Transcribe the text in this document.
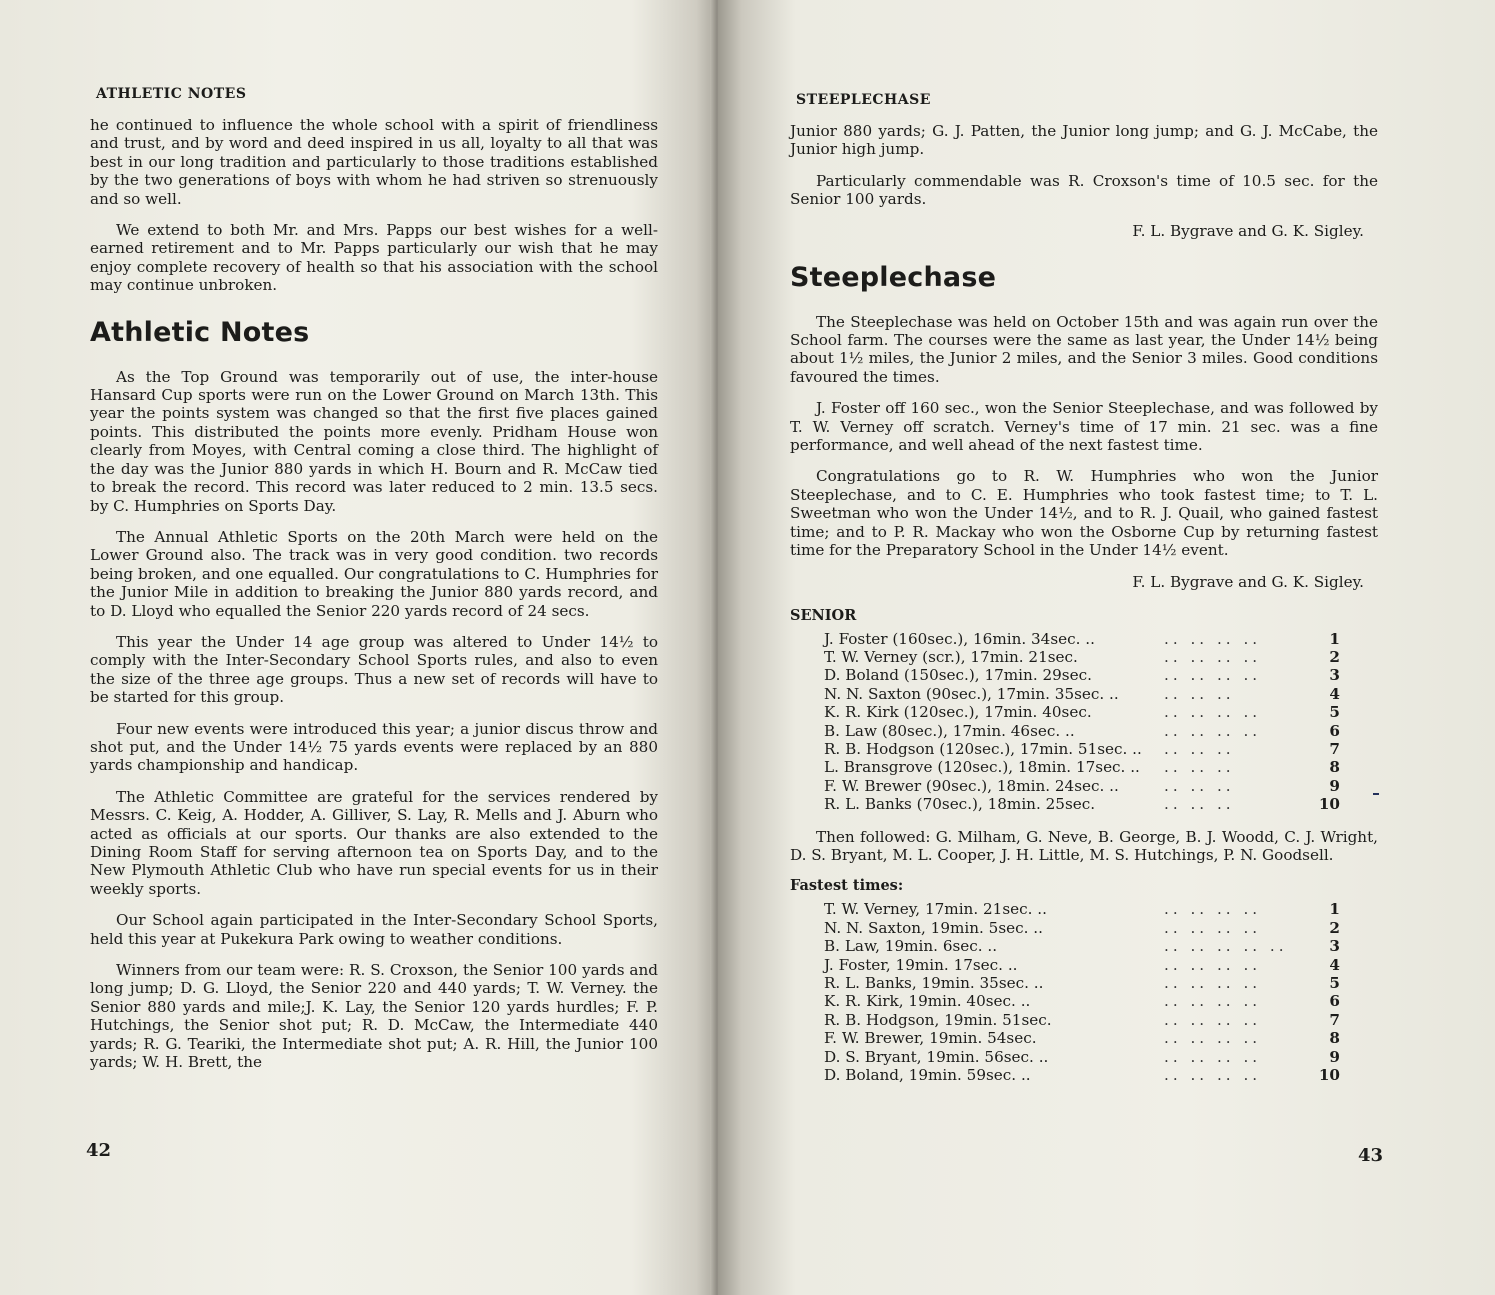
ATHLETIC NOTES

he continued to influence the whole school with a spirit of friendliness and trust, and by word and deed inspired in us all, loyalty to all that was best in our long tradition and particularly to those traditions established by the two generations of boys with whom he had striven so strenuously and so well.

We extend to both Mr. and Mrs. Papps our best wishes for a well-earned retirement and to Mr. Papps particularly our wish that he may enjoy complete recovery of health so that his association with the school may continue unbroken.

Athletic Notes

As the Top Ground was temporarily out of use, the inter-house Hansard Cup sports were run on the Lower Ground on March 13th. This year the points system was changed so that the first five places gained points. This distributed the points more evenly. Pridham House won clearly from Moyes, with Central coming a close third. The highlight of the day was the Junior 880 yards in which H. Bourn and R. McCaw tied to break the record. This record was later reduced to 2 min. 13.5 secs. by C. Humphries on Sports Day.

The Annual Athletic Sports on the 20th March were held on the Lower Ground also. The track was in very good condition. two records being broken, and one equalled. Our congratulations to C. Humphries for the Junior Mile in addition to breaking the Junior 880 yards record, and to D. Lloyd who equalled the Senior 220 yards record of 24 secs.

This year the Under 14 age group was altered to Under 14½ to comply with the Inter-Secondary School Sports rules, and also to even the size of the three age groups. Thus a new set of records will have to be started for this group.

Four new events were introduced this year; a junior discus throw and shot put, and the Under 14½ 75 yards events were replaced by an 880 yards championship and handicap.

The Athletic Committee are grateful for the services rendered by Messrs. C. Keig, A. Hodder, A. Gilliver, S. Lay, R. Mells and J. Aburn who acted as officials at our sports. Our thanks are also extended to the Dining Room Staff for serving afternoon tea on Sports Day, and to the New Plymouth Athletic Club who have run special events for us in their weekly sports.

Our School again participated in the Inter-Secondary School Sports, held this year at Pukekura Park owing to weather conditions.

Winners from our team were: R. S. Croxson, the Senior 100 yards and long jump; D. G. Lloyd, the Senior 220 and 440 yards; T. W. Verney. the Senior 880 yards and mile;J. K. Lay, the Senior 120 yards hurdles; F. P. Hutchings, the Senior shot put; R. D. McCaw, the Intermediate 440 yards; R. G. Teariki, the Intermediate shot put; A. R. Hill, the Junior 100 yards; W. H. Brett, the

42
STEEPLECHASE

Junior 880 yards; G. J. Patten, the Junior long jump; and G. J. McCabe, the Junior high jump.

Particularly commendable was R. Croxson's time of 10.5 sec. for the Senior 100 yards.

F. L. Bygrave and G. K. Sigley.
Steeplechase

The Steeplechase was held on October 15th and was again run over the School farm. The courses were the same as last year, the Under 14½ being about 1½ miles, the Junior 2 miles, and the Senior 3 miles. Good conditions favoured the times.

J. Foster off 160 sec., won the Senior Steeplechase, and was followed by T. W. Verney off scratch. Verney's time of 17 min. 21 sec. was a fine performance, and well ahead of the next fastest time.

Congratulations go to R. W. Humphries who won the Junior Steeplechase, and to C. E. Humphries who took fastest time; to T. L. Sweetman who won the Under 14½, and to R. J. Quail, who gained fastest time; and to P. R. Mackay who won the Osborne Cup by returning fastest time for the Preparatory School in the Under 14½ event.

F. L. Bygrave and G. K. Sigley.
SENIOR
J. Foster (160sec.), 16min. 34sec. ..	.. .. .. ..	1
T. W. Verney (scr.), 17min. 21sec.	.. .. .. ..	2
D. Boland (150sec.), 17min. 29sec.	.. .. .. ..	3
N. N. Saxton (90sec.), 17min. 35sec. ..	.. .. ..	4
K. R. Kirk (120sec.), 17min. 40sec.	.. .. .. ..	5
B. Law (80sec.), 17min. 46sec. ..	.. .. .. ..	6
R. B. Hodgson (120sec.), 17min. 51sec. ..	.. .. ..	7
L. Bransgrove (120sec.), 18min. 17sec. ..	.. .. ..	8
F. W. Brewer (90sec.), 18min. 24sec. ..	.. .. ..	9
R. L. Banks (70sec.), 18min. 25sec.	.. .. ..	10

Then followed: G. Milham, G. Neve, B. George, B. J. Woodd, C. J. Wright, D. S. Bryant, M. L. Cooper, J. H. Little, M. S. Hutchings, P. N. Goodsell.

Fastest times:
T. W. Verney, 17min. 21sec. ..	.. .. .. ..	1
N. N. Saxton, 19min. 5sec. ..	.. .. .. ..	2
B. Law, 19min. 6sec. ..	.. .. .. .. ..	3
J. Foster, 19min. 17sec. ..	.. .. .. ..	4
R. L. Banks, 19min. 35sec. ..	.. .. .. ..	5
K. R. Kirk, 19min. 40sec. ..	.. .. .. ..	6
R. B. Hodgson, 19min. 51sec.	.. .. .. ..	7
F. W. Brewer, 19min. 54sec.	.. .. .. ..	8
D. S. Bryant, 19min. 56sec. ..	.. .. .. ..	9
D. Boland, 19min. 59sec. ..	.. .. .. ..	10
43
